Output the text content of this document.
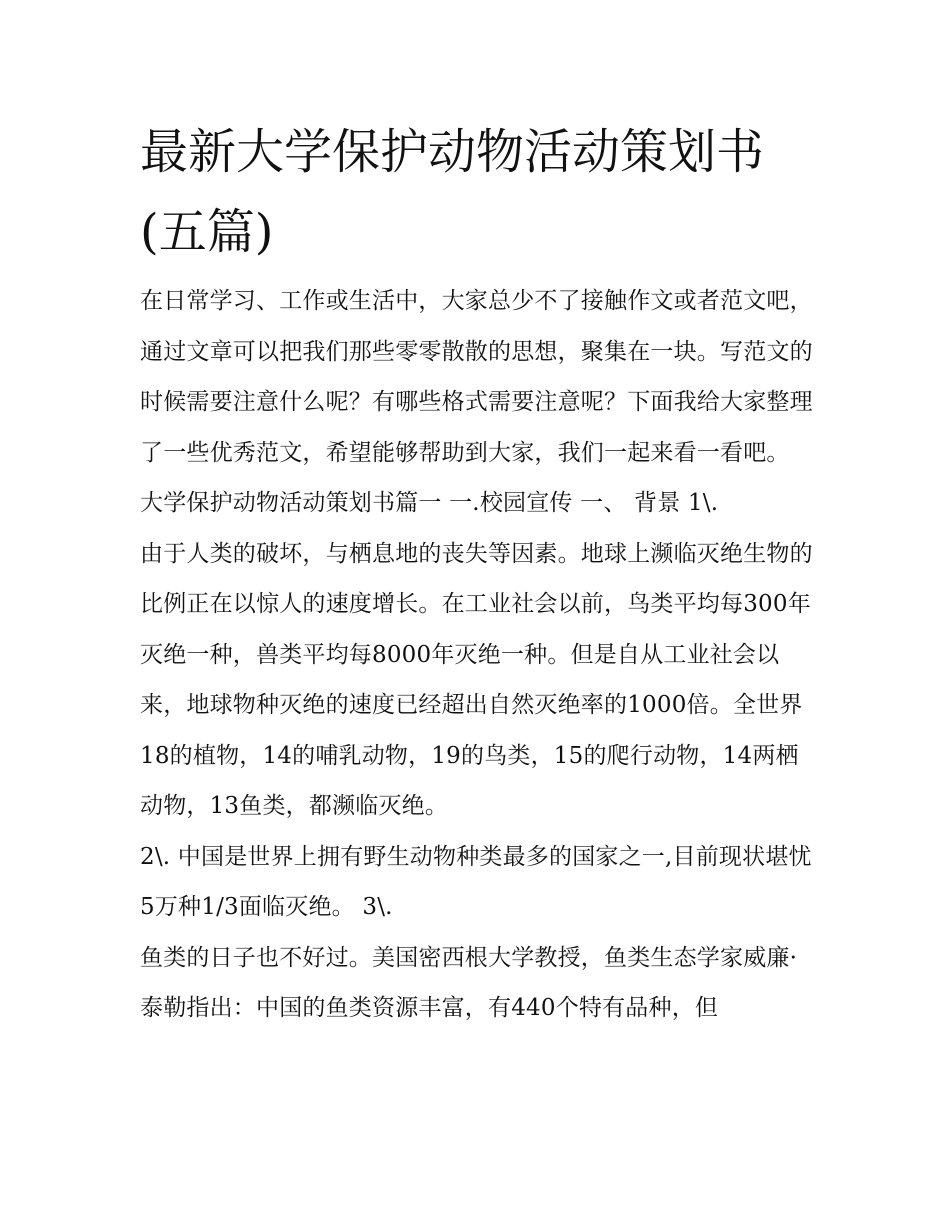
最新大学保护动物活动策划书(五篇)

在日常学习、工作或生活中，大家总少不了接触作文或者范文吧，通过文章可以把我们那些零零散散的思想，聚集在一块。写范文的时候需要注意什么呢？有哪些格式需要注意呢？下面我给大家整理了一些优秀范文，希望能够帮助到大家，我们一起来看一看吧。

大学保护动物活动策划书篇一 一.校园宣传 一、 背景 1\.

由于人类的破坏，与栖息地的丧失等因素。地球上濒临灭绝生物的比例正在以惊人的速度增长。在工业社会以前，鸟类平均每300年灭绝一种，兽类平均每8000年灭绝一种。但是自从工业社会以来，地球物种灭绝的速度已经超出自然灭绝率的1000倍。全世界18的植物，14的哺乳动物，19的鸟类，15的爬行动物，14两栖动物，13鱼类，都濒临灭绝。

2\. 中国是世界上拥有野生动物种类最多的国家之一,目前现状堪忧 5万种1/3面临灭绝。 3\.

鱼类的日子也不好过。美国密西根大学教授，鱼类生态学家威廉·泰勒指出：中国的鱼类资源丰富，有440个特有品种，但
